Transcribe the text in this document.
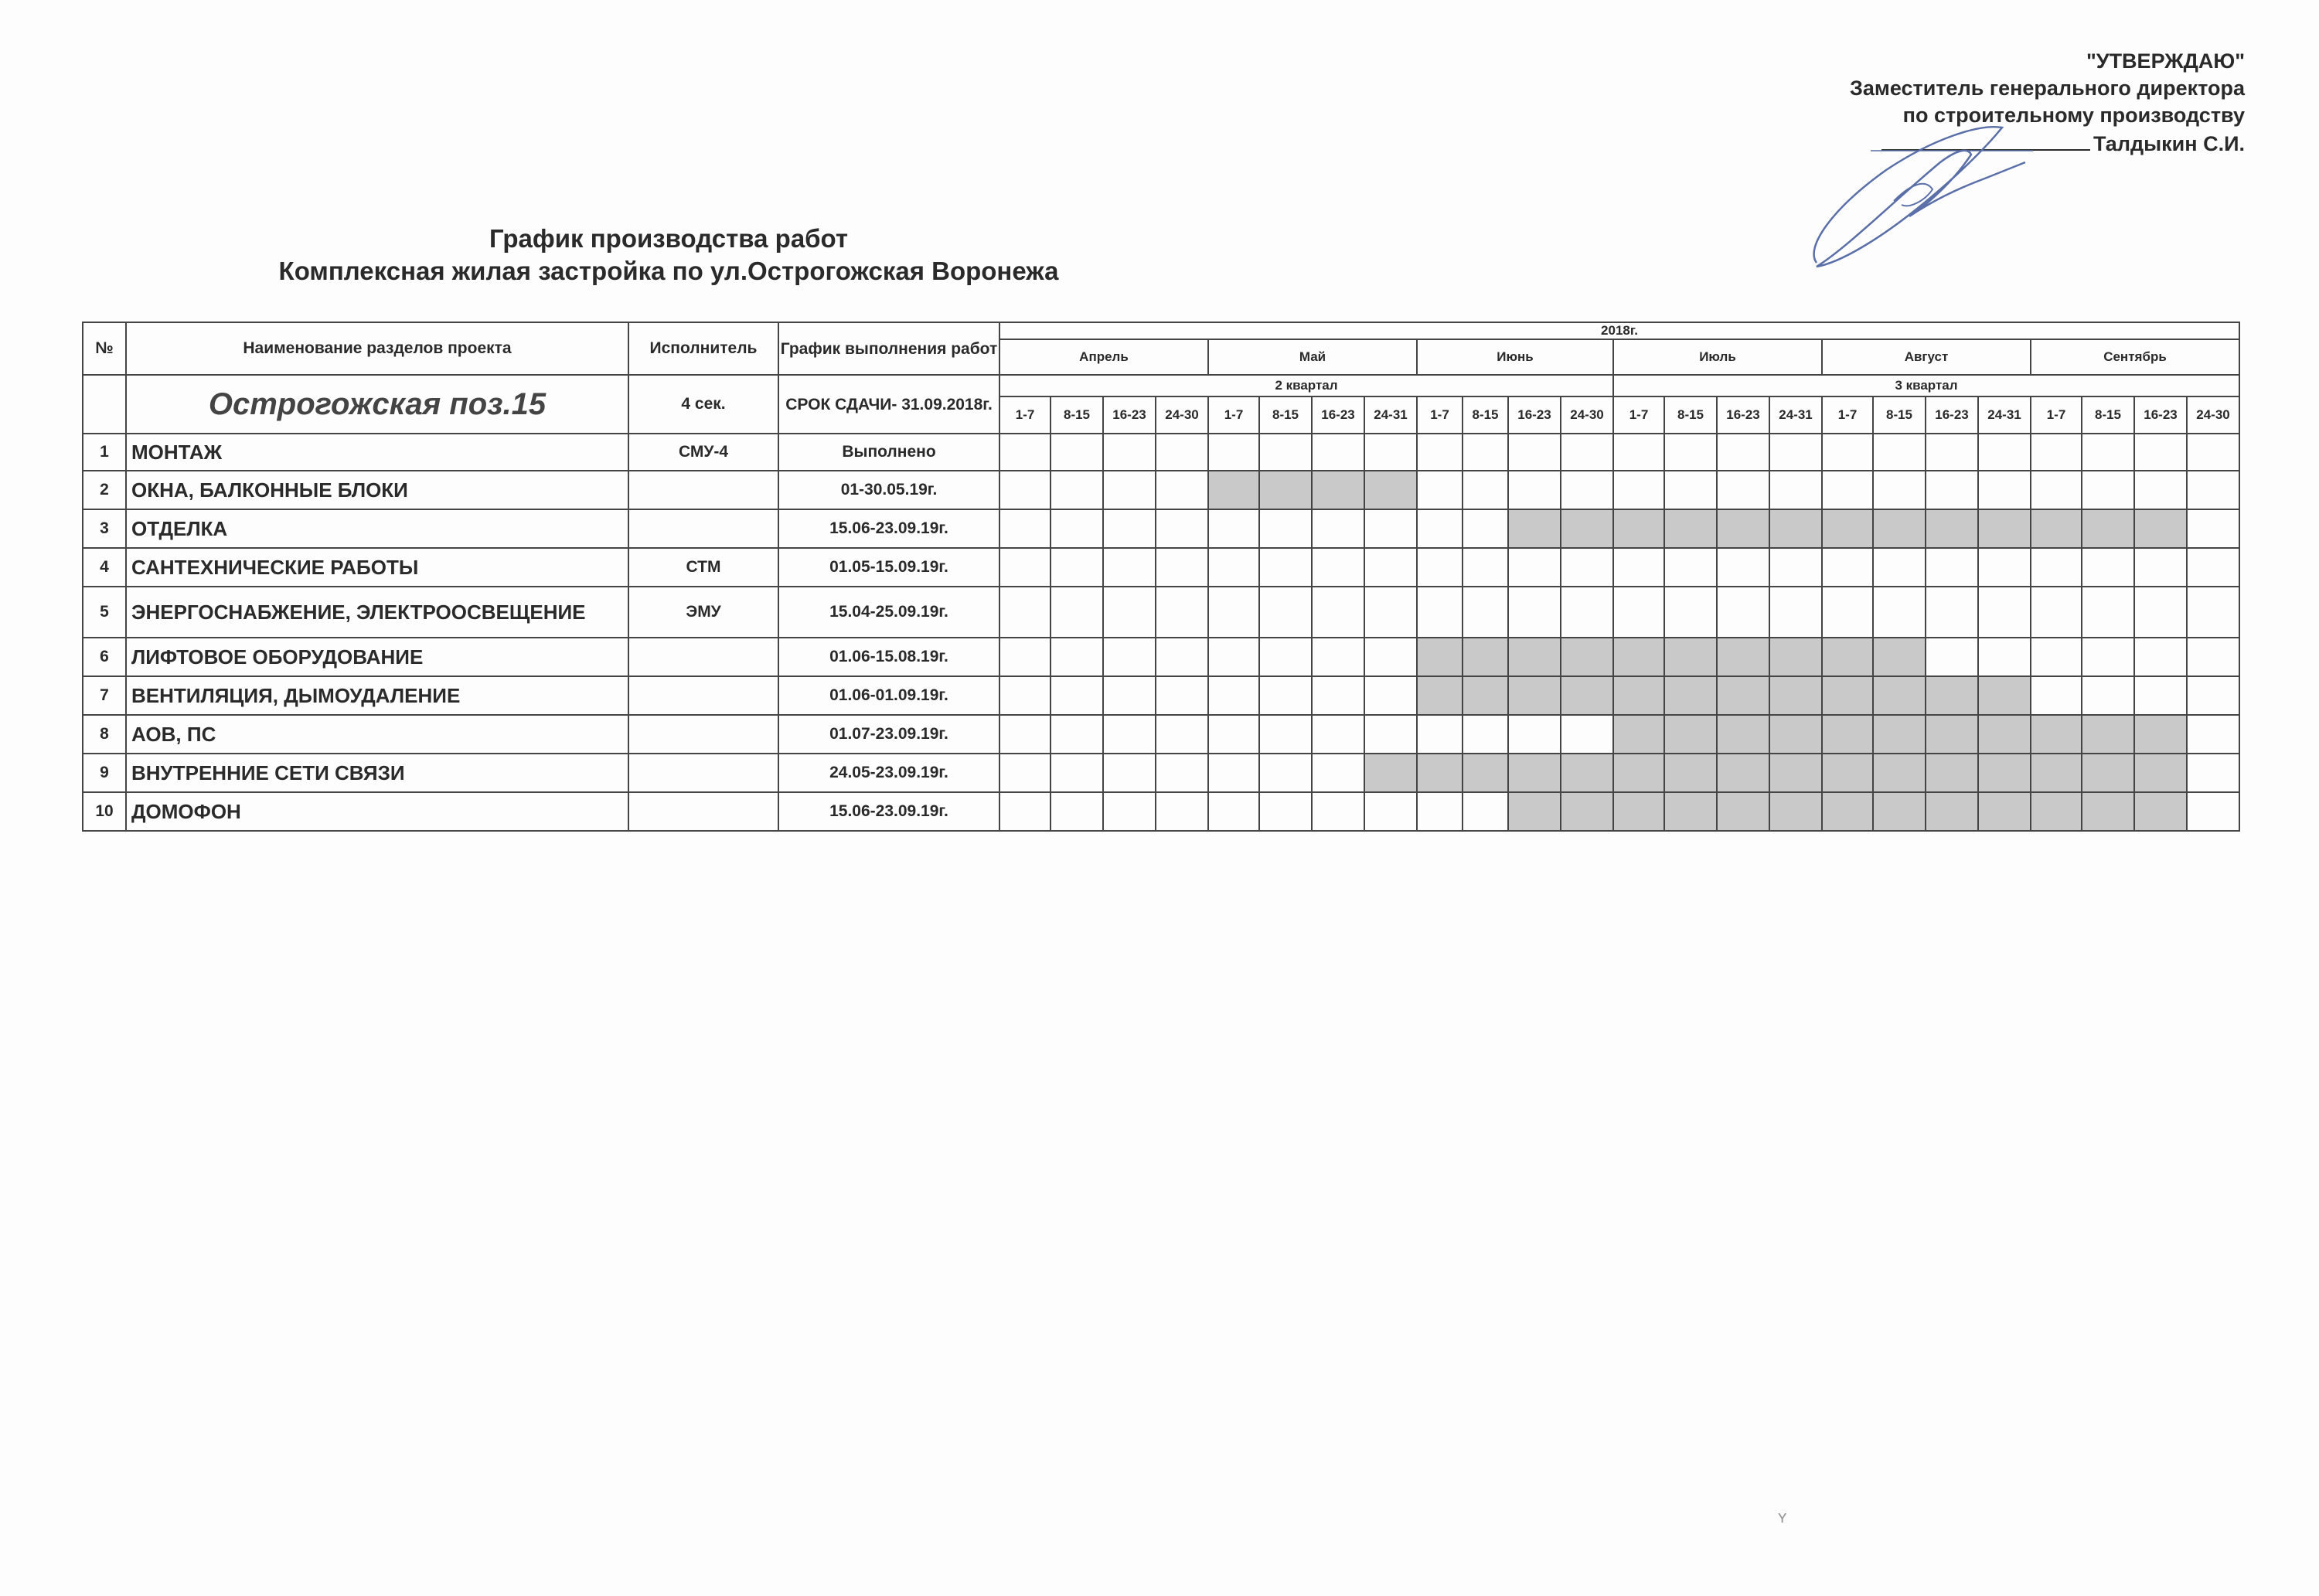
"УТВЕРЖДАЮ"
Заместитель генерального директора
по строительному производству
Талдыкин С.И.
График производства работ
Комплексная жилая застройка по ул.Острогожская Воронежа
№	Наименование разделов проекта	Исполнитель	График выполнения работ	2018г.																							
				Апрель				Май				Июнь				Июль				Август				Сентябрь			
	Острогожская поз.15	4 сек.	СРОК СДАЧИ- 31.09.2018г.	2 квартал												3 квартал											
				1-7	8-15	16-23	24-30	1-7	8-15	16-23	24-31	1-7	8-15	16-23	24-30	1-7	8-15	16-23	24-31	1-7	8-15	16-23	24-31	1-7	8-15	16-23	24-30
1	МОНТАЖ	СМУ-4	Выполнено																								
2	ОКНА, БАЛКОННЫЕ БЛОКИ		01-30.05.19г.																								
3	ОТДЕЛКА		15.06-23.09.19г.																								
4	САНТЕХНИЧЕСКИЕ РАБОТЫ	СТМ	01.05-15.09.19г.																								
5	ЭНЕРГОСНАБЖЕНИЕ, ЭЛЕКТРООСВЕЩЕНИЕ	ЭМУ	15.04-25.09.19г.																								
6	ЛИФТОВОЕ ОБОРУДОВАНИЕ		01.06-15.08.19г.																								
7	ВЕНТИЛЯЦИЯ, ДЫМОУДАЛЕНИЕ		01.06-01.09.19г.																								
8	АОВ, ПС		01.07-23.09.19г.																								
9	ВНУТРЕННИЕ СЕТИ СВЯЗИ		24.05-23.09.19г.																								
10	ДОМОФОН		15.06-23.09.19г.																								
ʏ
